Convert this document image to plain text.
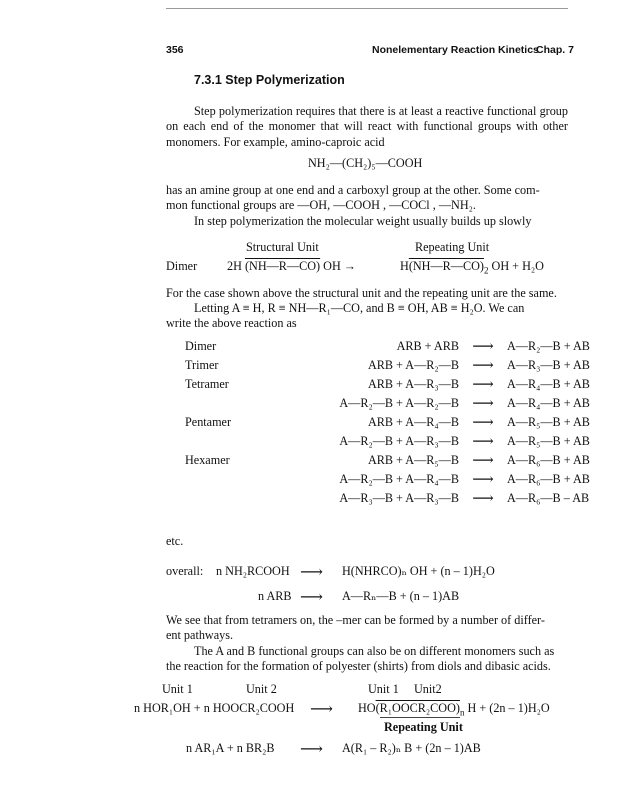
356	Nonelementary Reaction Kinetics
Chap. 7
7.3.1 Step Polymerization

Step polymerization requires that there is at least a reactive functional group on each end of the monomer that will react with functional groups with other monomers. For example, amino-caproic acid

NH₂—(CH₂)₅—COOH
has an amine group at one end and a carboxyl group at the other. Some com-
mon functional groups are —OH, —COOH , —COCl , —NH₂.
In step polymerization the molecular weight usually builds up slowly
Structural Unit	Repeating Unit
Dimer 2H (NH—R—CO) OH →	$H(NH—R—CO)_2$ OH + H₂O
For the case shown above the structural unit and the repeating unit are the same.
Letting A ≡ H, R ≡ NH—R₁—CO, and B ≡ OH, AB ≡ H₂O. We can
write the above reaction as
Dimer	ARB + ARB	⟶	A—R₂—B + AB
Trimer	ARB + A—R₂—B	⟶	A—R₃—B + AB
Tetramer	ARB + A—R₃—B	⟶	A—R₄—B + AB
	A—R₂—B + A—R₂—B	⟶	A—R₄—B + AB
Pentamer	ARB + A—R₄—B	⟶	A—R₅—B + AB
	A—R₂—B + A—R₃—B	⟶	A—R₅—B + AB
Hexamer	ARB + A—R₅—B	⟶	A—R₆—B + AB
	A—R₂—B + A—R₄—B	⟶	A—R₆—B + AB
	A—R₃—B + A—R₃—B	⟶	A—R₆—B – AB
etc.
overall: n NH₂RCOOH ⟶ H(NHRCO)ₙ OH + (n – 1)H₂O
n ARB ⟶ A—Rₙ—B + (n – 1)AB
We see that from tetramers on, the –mer can be formed by a number of differ-
ent pathways.
The A and B functional groups can also be on different monomers such as
the reaction for the formation of polyester (shirts) from diols and dibasic acids.
Unit 1	Unit 2	Unit 1 Unit2
n HOR₁OH + n HOOCR₂COOH ⟶ $HO(R_1OOCR_2COO)_n$ H + (2n – 1)H₂O
Repeating Unit
n AR₁A + n BR₂B ⟶ A(R₁ – R₂)ₙ B + (2n – 1)AB
